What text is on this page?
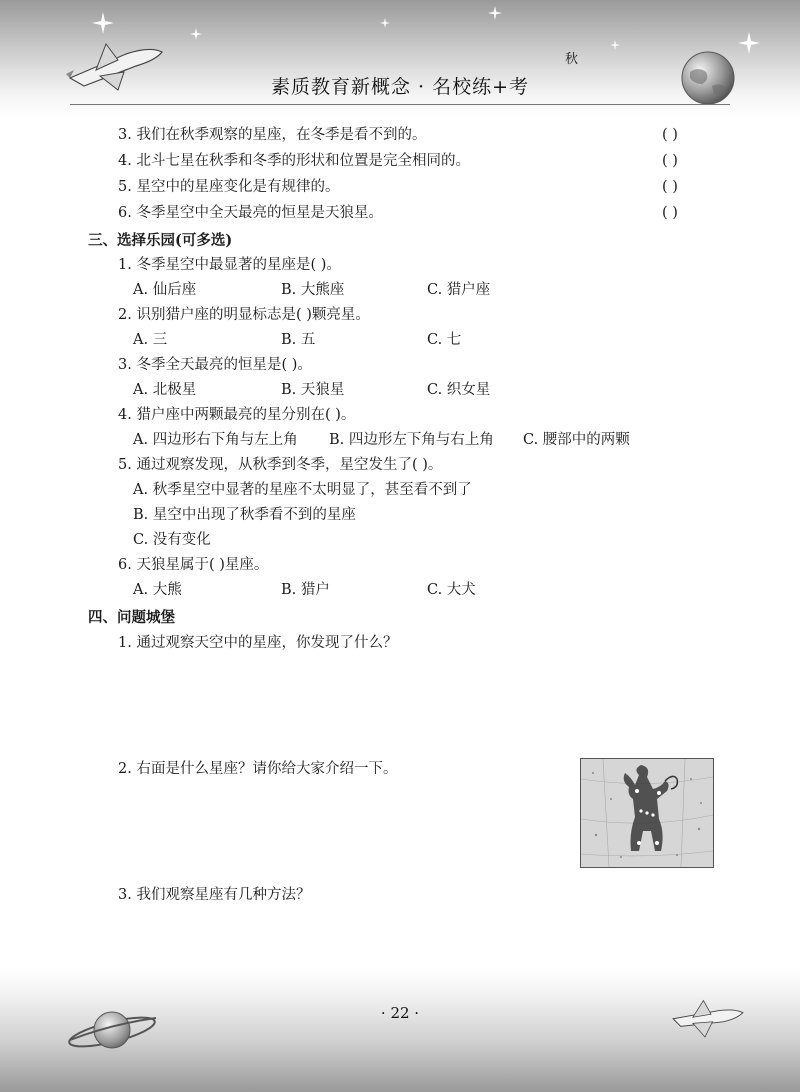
秋
素质教育新概念 · 名校练+考
3. 我们在秋季观察的星座，在冬季是看不到的。	( )
4. 北斗七星在秋季和冬季的形状和位置是完全相同的。	( )
5. 星空中的星座变化是有规律的。	( )
6. 冬季星空中全天最亮的恒星是天狼星。	( )
三、选择乐园(可多选)
1. 冬季星空中最显著的星座是( )。
A. 仙后座	B. 大熊座	C. 猎户座
2. 识别猎户座的明显标志是( )颗亮星。
A. 三	B. 五	C. 七
3. 冬季全天最亮的恒星是( )。
A. 北极星	B. 天狼星	C. 织女星
4. 猎户座中两颗最亮的星分别在( )。
A. 四边形右下角与左上角 B. 四边形左下角与右上角 C. 腰部中的两颗
5. 通过观察发现，从秋季到冬季，星空发生了( )。
A. 秋季星空中显著的星座不太明显了，甚至看不到了
B. 星空中出现了秋季看不到的星座
C. 没有变化
6. 天狼星属于( )星座。
A. 大熊	B. 猎户	C. 大犬
四、问题城堡
1. 通过观察天空中的星座，你发现了什么？
2. 右面是什么星座？请你给大家介绍一下。
3. 我们观察星座有几种方法？
· 22 ·
